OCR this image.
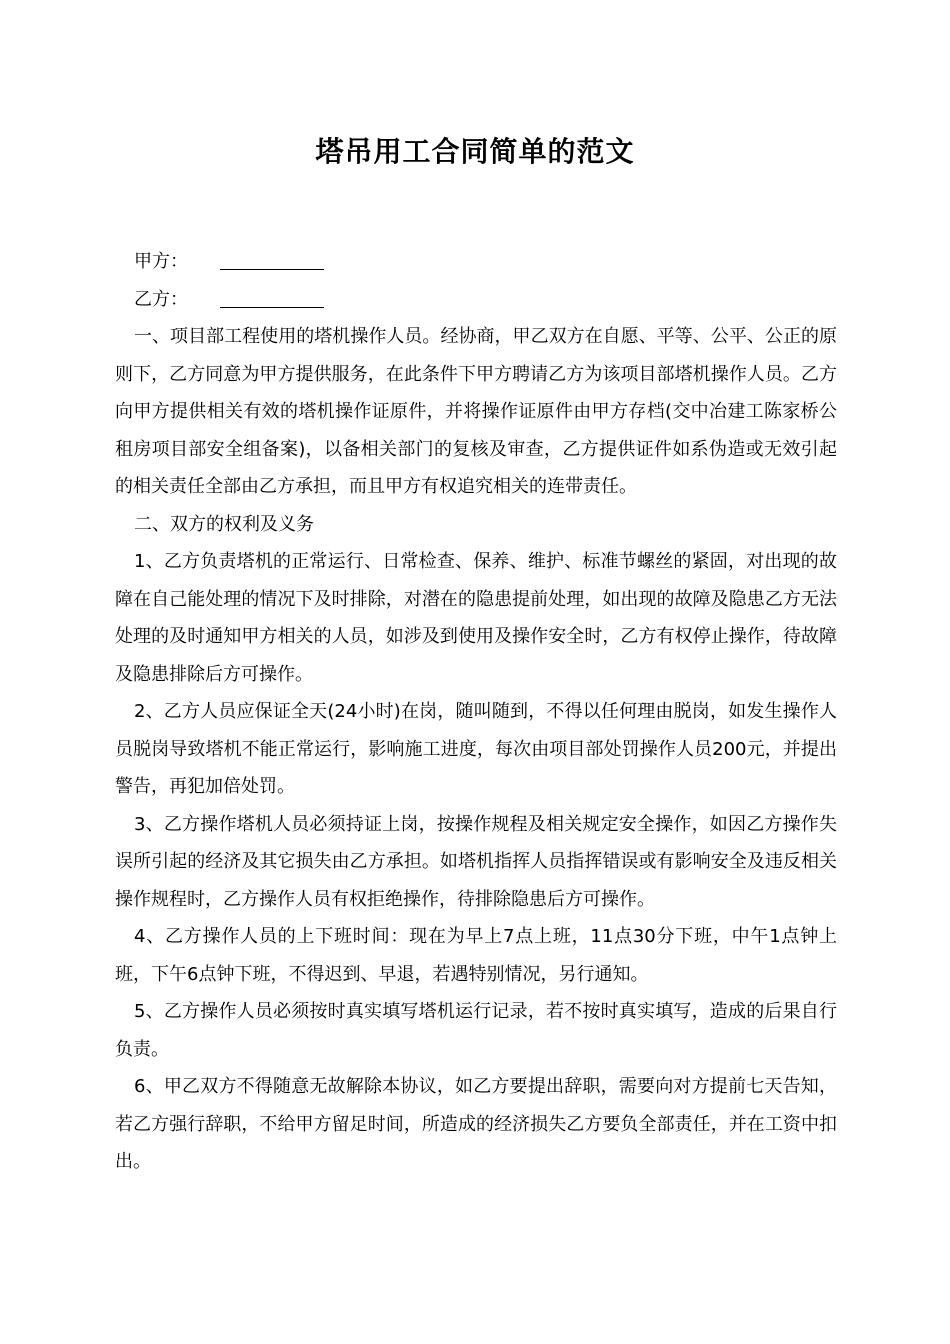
塔吊用工合同简单的范文

甲方：

乙方：

一、项目部工程使用的塔机操作人员。经协商，甲乙双方在自愿、平等、公平、公正的原则下，乙方同意为甲方提供服务，在此条件下甲方聘请乙方为该项目部塔机操作人员。乙方向甲方提供相关有效的塔机操作证原件，并将操作证原件由甲方存档(交中冶建工陈家桥公租房项目部安全组备案)，以备相关部门的复核及审查，乙方提供证件如系伪造或无效引起的相关责任全部由乙方承担，而且甲方有权追究相关的连带责任。

二、双方的权利及义务

1、乙方负责塔机的正常运行、日常检查、保养、维护、标准节螺丝的紧固，对出现的故障在自己能处理的情况下及时排除，对潜在的隐患提前处理，如出现的故障及隐患乙方无法处理的及时通知甲方相关的人员，如涉及到使用及操作安全时，乙方有权停止操作，待故障及隐患排除后方可操作。

2、乙方人员应保证全天(24小时)在岗，随叫随到，不得以任何理由脱岗，如发生操作人员脱岗导致塔机不能正常运行，影响施工进度，每次由项目部处罚操作人员200元，并提出警告，再犯加倍处罚。

3、乙方操作塔机人员必须持证上岗，按操作规程及相关规定安全操作，如因乙方操作失误所引起的经济及其它损失由乙方承担。如塔机指挥人员指挥错误或有影响安全及违反相关操作规程时，乙方操作人员有权拒绝操作，待排除隐患后方可操作。

4、乙方操作人员的上下班时间：现在为早上7点上班，11点30分下班，中午1点钟上班，下午6点钟下班，不得迟到、早退，若遇特别情况，另行通知。

5、乙方操作人员必须按时真实填写塔机运行记录，若不按时真实填写，造成的后果自行负责。

6、甲乙双方不得随意无故解除本协议，如乙方要提出辞职，需要向对方提前七天告知，若乙方强行辞职，不给甲方留足时间，所造成的经济损失乙方要负全部责任，并在工资中扣出。
